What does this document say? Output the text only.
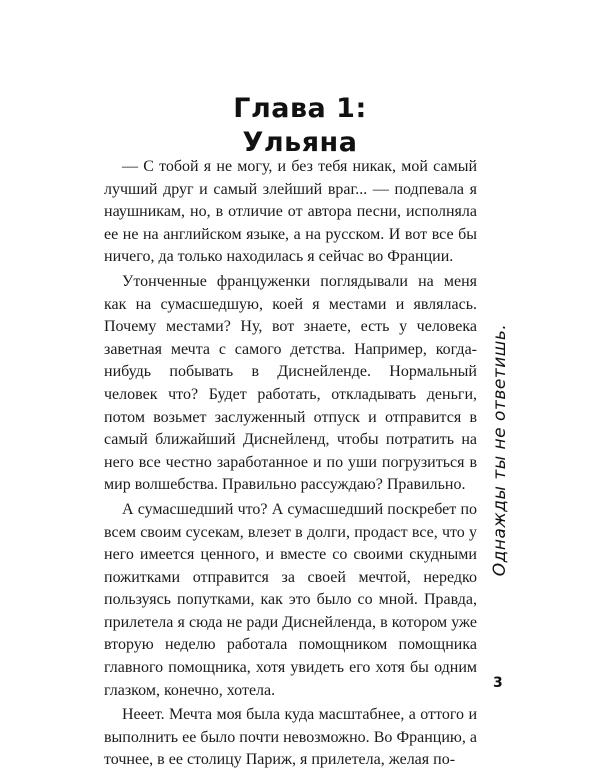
Глава 1:
Ульяна

— С тобой я не могу, и без тебя никак, мой самый лучший друг и самый злейший враг... — подпевала я наушникам, но, в отличие от автора песни, исполняла ее не на английском языке, а на русском. И вот все бы ничего, да только находилась я сейчас во Франции.

Утонченные француженки поглядывали на меня как на сумасшедшую, коей я местами и являлась. Почему местами? Ну, вот знаете, есть у человека заветная мечта с самого детства. Например, когда-нибудь побывать в Диснейленде. Нормальный человек что? Будет работать, откладывать деньги, потом возьмет заслуженный отпуск и отправится в самый ближайший Диснейленд, чтобы потратить на него все честно заработанное и по уши погрузиться в мир волшебства. Правильно рассуждаю? Правильно.

А сумасшедший что? А сумасшедший поскребет по всем своим сусекам, влезет в долги, продаст все, что у него имеется ценного, и вместе со своими скудными пожитками отправится за своей мечтой, нередко пользуясь попутками, как это было со мной. Правда, прилетела я сюда не ради Диснейленда, в котором уже вторую неделю работала помощником помощника главного помощника, хотя увидеть его хотя бы одним глазком, конечно, хотела.

Нееет. Мечта моя была куда масштабнее, а оттого и выполнить ее было почти невозможно. Во Францию, а точнее, в ее столицу Париж, я прилетела, желая по-

Однажды ты не ответишь.
3
